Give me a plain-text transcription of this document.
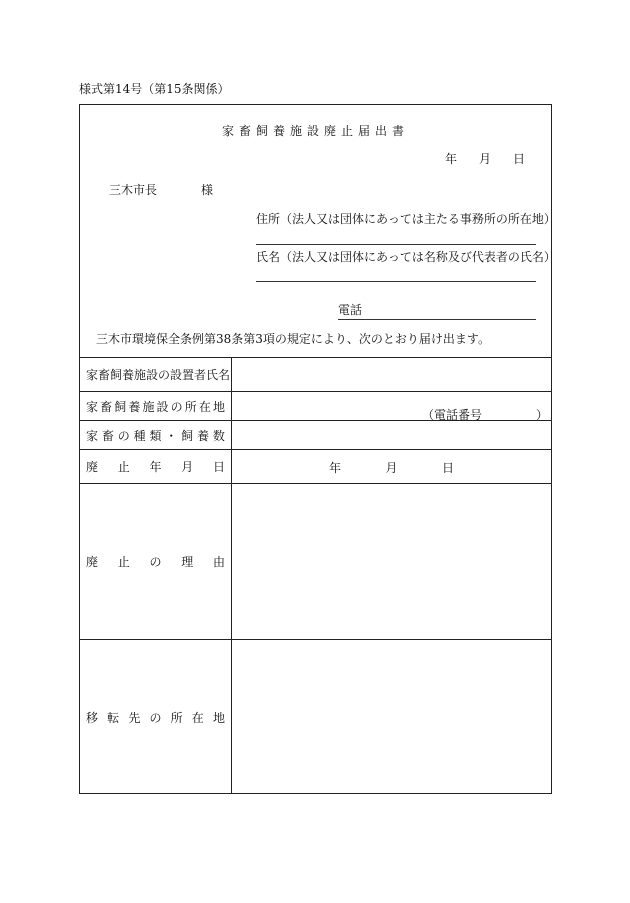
様式第14号（第15条関係）
家畜飼養施設廃止届出書
年 月 日
三木市長	様
住所（法人又は団体にあっては主たる事務所の所在地）
氏名（法人又は団体にあっては名称及び代表者の氏名）
電話
三木市環境保全条例第38条第3項の規定により、次のとおり届け出ます。
家畜飼養施設の設置者氏名
家 畜 飼 養 施 設 の 所 在 地
（電話番号	）
家 畜 の 種 類 ・ 飼 養 数
廃 止 年 月 日	年	月	日
廃 止 の 理 由
移 転 先 の 所 在 地
